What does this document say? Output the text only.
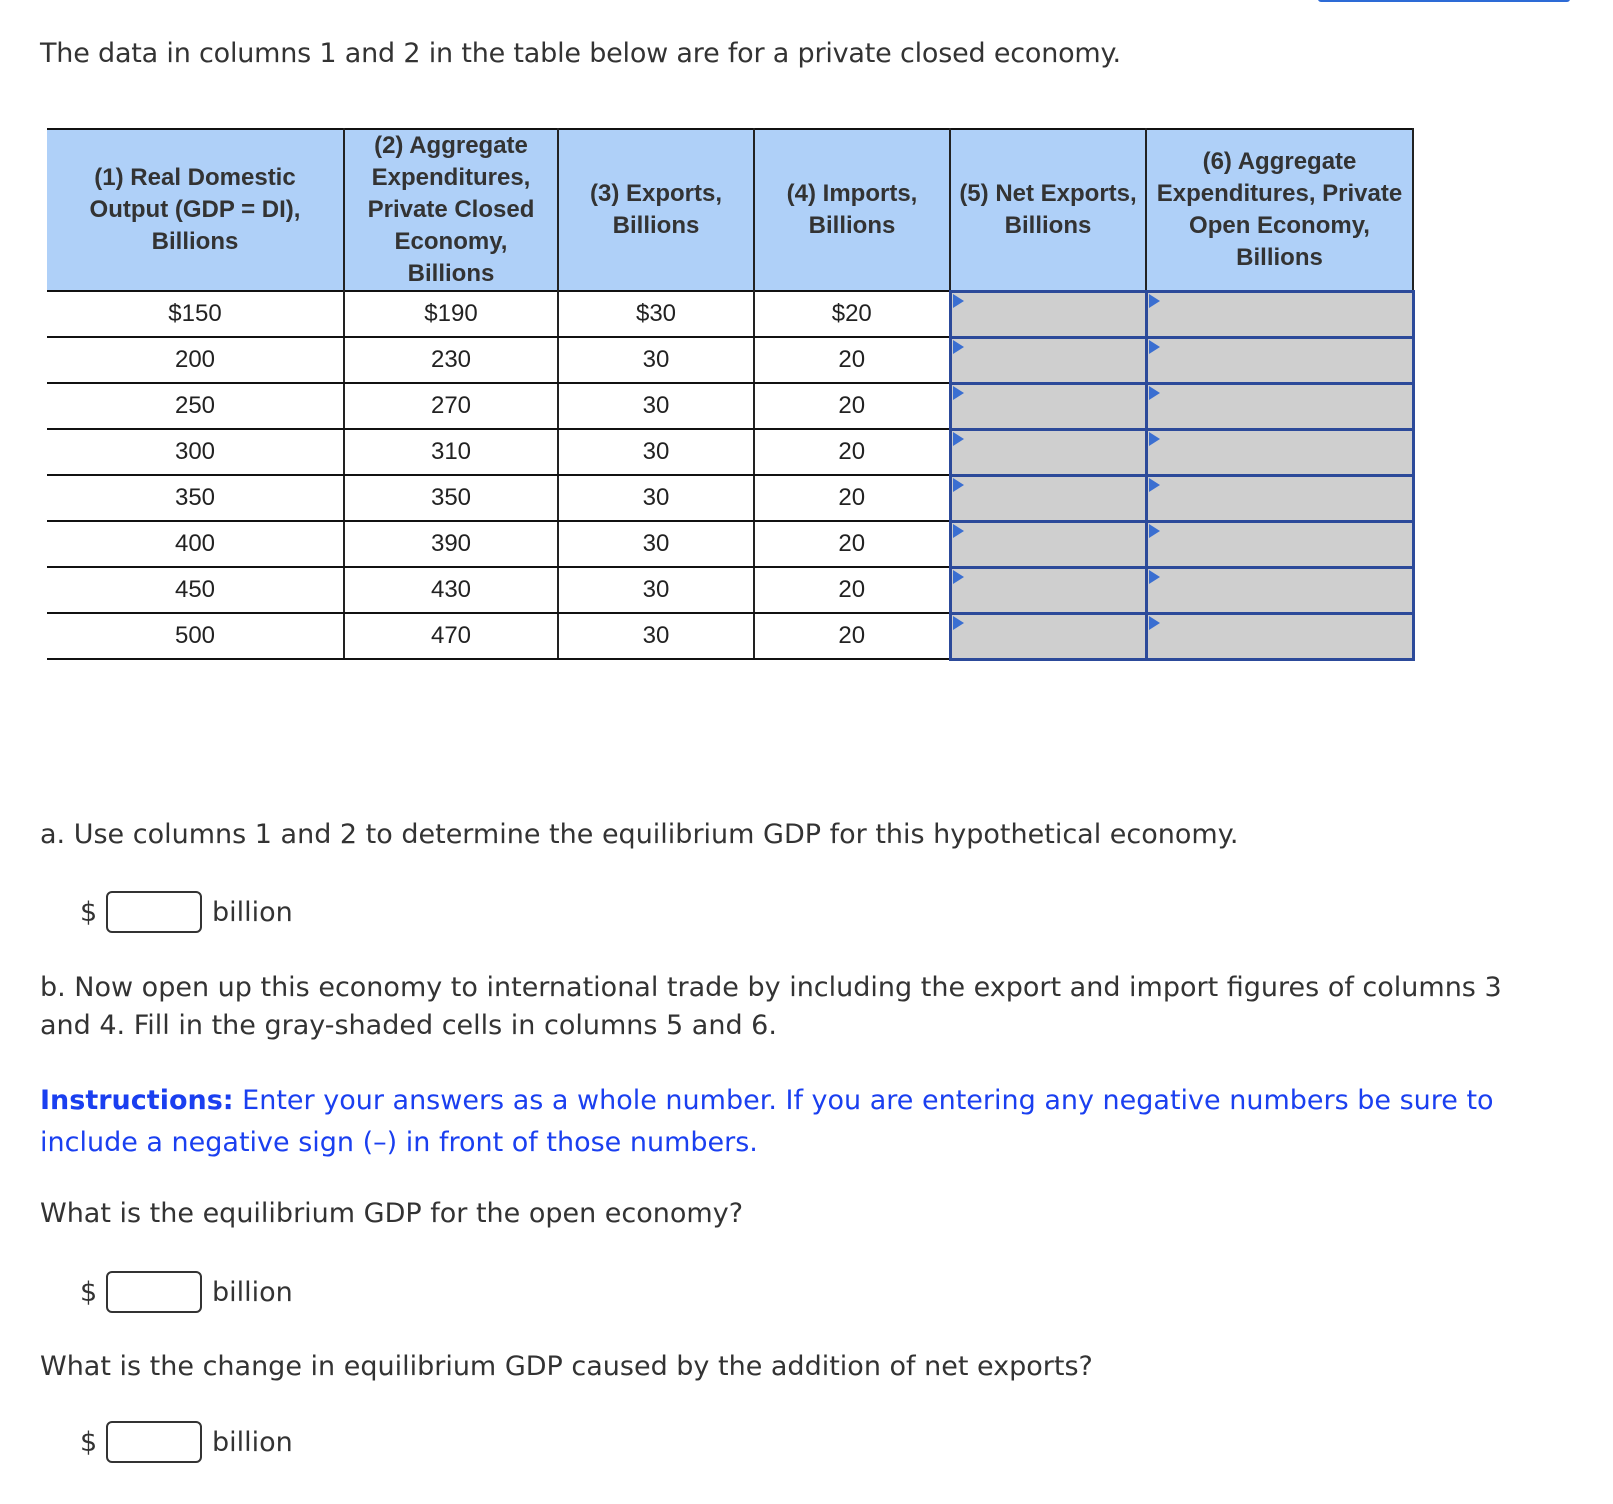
The data in columns 1 and 2 in the table below are for a private closed economy.
(1) Real Domestic Output (GDP = DI), Billions	(2) Aggregate Expenditures, Private Closed Economy, Billions	(3) Exports, Billions	(4) Imports, Billions	(5) Net Exports, Billions	(6) Aggregate Expenditures, Private Open Economy, Billions
$150	$190	$30	$20	

200	230	30	20	

250	270	30	20	

300	310	30	20	

350	350	30	20	

400	390	30	20	

450	430	30	20	

500	470	30	20	

a. Use columns 1 and 2 to determine the equilibrium GDP for this hypothetical economy.
$	billion
b. Now open up this economy to international trade by including the export and import figures of columns 3 and 4. Fill in the gray-shaded cells in columns 5 and 6.
Instructions: Enter your answers as a whole number. If you are entering any negative numbers be sure to include a negative sign (–) in front of those numbers.
What is the equilibrium GDP for the open economy?
$	billion
What is the change in equilibrium GDP caused by the addition of net exports?
$	billion
